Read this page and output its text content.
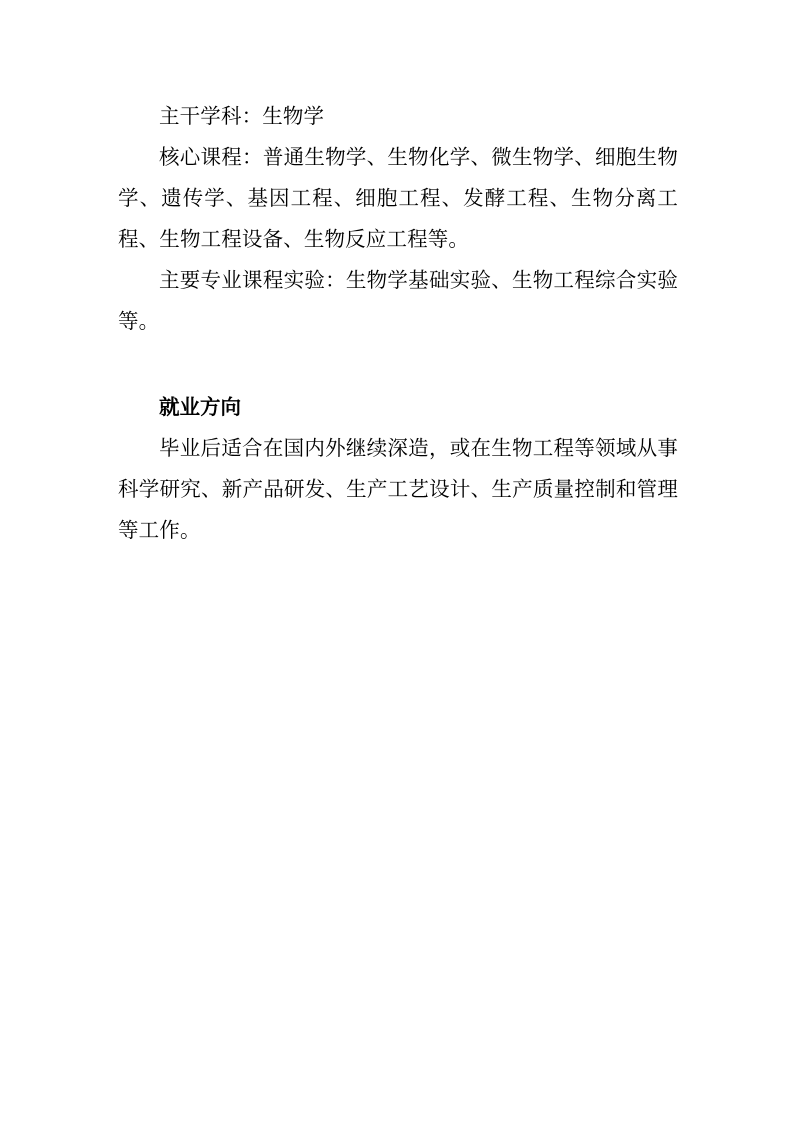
主干学科：生物学

核心课程：普通生物学、生物化学、微生物学、细胞生物学、遗传学、基因工程、细胞工程、发酵工程、生物分离工程、生物工程设备、生物反应工程等。

主要专业课程实验：生物学基础实验、生物工程综合实验等。

就业方向

毕业后适合在国内外继续深造，或在生物工程等领域从事科学研究、新产品研发、生产工艺设计、生产质量控制和管理等工作。
